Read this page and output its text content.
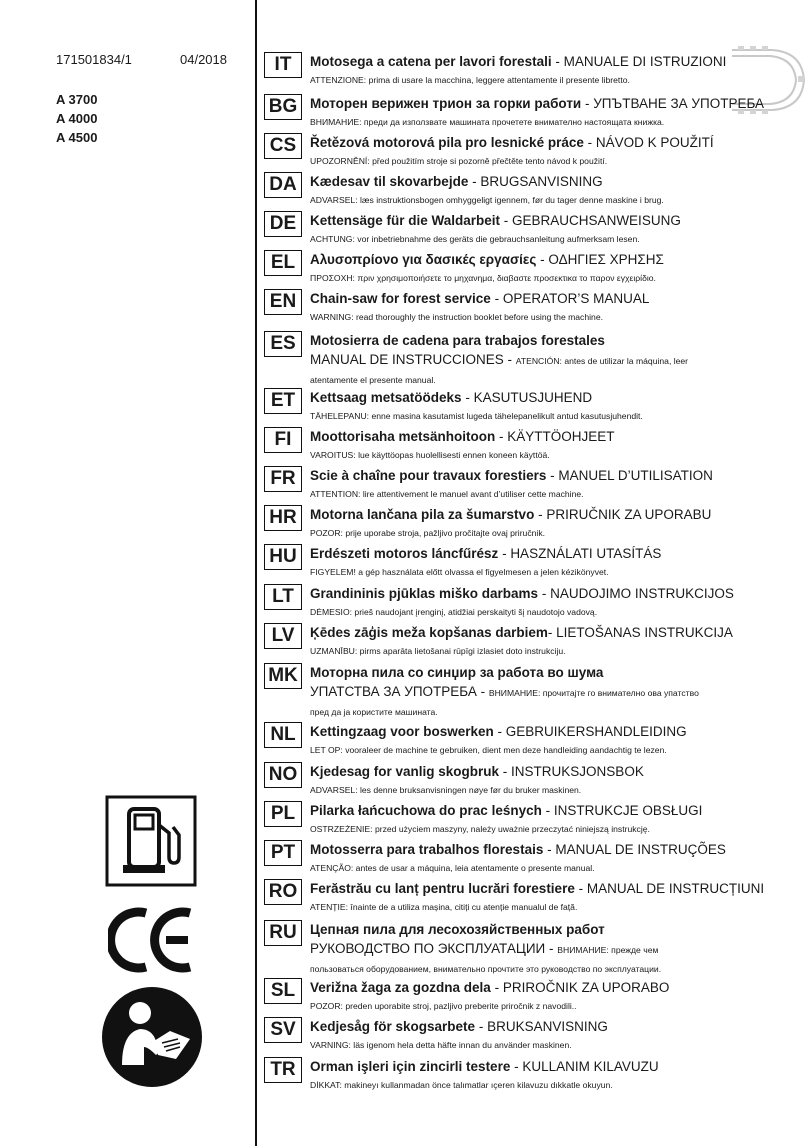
171501834/1	04/2018
A 3700
A 4000
A 4500
IT	Motosega a catena per lavori forestali - MANUALE DI ISTRUZIONI
ATTENZIONE: prima di usare la macchina, leggere attentamente il presente libretto.
BG Моторен верижен трион за горки работи - УПЪТВАНЕ ЗА УПОТРЕБА
ВНИМАНИЕ: преди да използвате машината прочетете внимателно настоящата книжка.
CS	Řetězová motorová pila pro lesnické práce - NÁVOD K POUŽITÍ
UPOZORNĚNÍ: před použitím stroje si pozorně přečtěte tento návod k použití.
DA Kædesav til skovarbejde - BRUGSANVISNING
ADVARSEL: læs instruktionsbogen omhyggeligt igennem, før du tager denne maskine i brug.
DE	Kettensäge für die Waldarbeit - GEBRAUCHSANWEISUNG
ACHTUNG: vor inbetriebnahme des geräts die gebrauchsanleitung aufmerksam lesen.
EL	Αλυσοπρίονο για δασικές εργασίες - ΟΔΗΓΙΕΣ ΧΡΗΣΗΣ
ΠΡΟΣΟΧΗ: πριν χρησιμοποιήσετε το μηχανημα, διαβαστε προσεκτικα το παρον εγχειρίδιο.
EN	Chain-saw for forest service - OPERATOR’S MANUAL
WARNING: read thoroughly the instruction booklet before using the machine.
ES	Motosierra de cadena para trabajos forestales
MANUAL DE INSTRUCCIONES - ATENCIÓN: antes de utilizar la máquina, leer
atentamente el presente manual.
ET	Kettsaag metsatöödeks - KASUTUSJUHEND
TÄHELEPANU: enne masina kasutamist lugeda tähelepanelikult antud kasutusjuhendit.
FI	Moottorisaha metsänhoitoon - KÄYTTÖOHJEET
VAROITUS: lue käyttöopas huolellisesti ennen koneen käyttöä.
FR	Scie à chaîne pour travaux forestiers - MANUEL D’UTILISATION
ATTENTION: lire attentivement le manuel avant d’utiliser cette machine.
HR Motorna lančana pila za šumarstvo - PRIRUČNIK ZA UPORABU
POZOR: prije uporabe stroja, pažljivo pročitajte ovaj priručnik.
HU Erdészeti motoros láncfűrész - HASZNÁLATI UTASÍTÁS
FIGYELEM! a gép használata előtt olvassa el figyelmesen a jelen kézikönyvet.
LT	Grandininis pjūklas miško darbams - NAUDOJIMO INSTRUKCIJOS
DĖMESIO: prieš naudojant įrenginį, atidžiai perskaityti šį naudotojo vadovą.
LV	Ķēdes zāģis meža kopšanas darbiem- LIETOŠANAS INSTRUKCIJA
UZMANĪBU: pirms aparāta lietošanai rūpīgi izlasiet doto instrukciju.
MK Моторна пила со синџир за работа во шума
УПАТСТВА ЗА УПОТРЕБА - ВНИМАНИЕ: прочитајте го внимателно ова упатство
пред да ја користите машината.
NL	Kettingzaag voor boswerken - GEBRUIKERSHANDLEIDING
LET OP: vooraleer de machine te gebruiken, dient men deze handleiding aandachtig te lezen.
NO Kjedesag for vanlig skogbruk - INSTRUKSJONSBOK
ADVARSEL: les denne bruksanvisningen nøye før du bruker maskinen.
PL	Pilarka łańcuchowa do prac leśnych - INSTRUKCJE OBSŁUGI
OSTRZEŻENIE: przed użyciem maszyny, należy uważnie przeczytać niniejszą instrukcję.
PT	Motosserra para trabalhos florestais - MANUAL DE INSTRUÇÕES
ATENÇÃO: antes de usar a máquina, leia atentamente o presente manual.
RO Ferăstrău cu lanț pentru lucrări forestiere - MANUAL DE INSTRUCȚIUNI
ATENȚIE: înainte de a utiliza mașina, citiți cu atenție manualul de față.
RU Цепная пила для лесохозяйственных работ
РУКОВОДСТВО ПО ЭКСПЛУАТАЦИИ - ВНИМАНИЕ: прежде чем
пользоваться оборудованием, внимательно прочтите это руководство по эксплуатации.
SL	Verižna žaga za gozdna dela - PRIROČNIK ZA UPORABO
POZOR: preden uporabite stroj, pazljivo preberite priročnik z navodili..
SV	Kedjesåg för skogsarbete - BRUKSANVISNING
VARNING: läs igenom hela detta häfte innan du använder maskinen.
TR	Orman işleri için zincirli testere - KULLANIM KILAVUZU
DİKKAT: makineyı kullanmadan önce talımatlar ıçeren kilavuzu dıkkatle okuyun.
